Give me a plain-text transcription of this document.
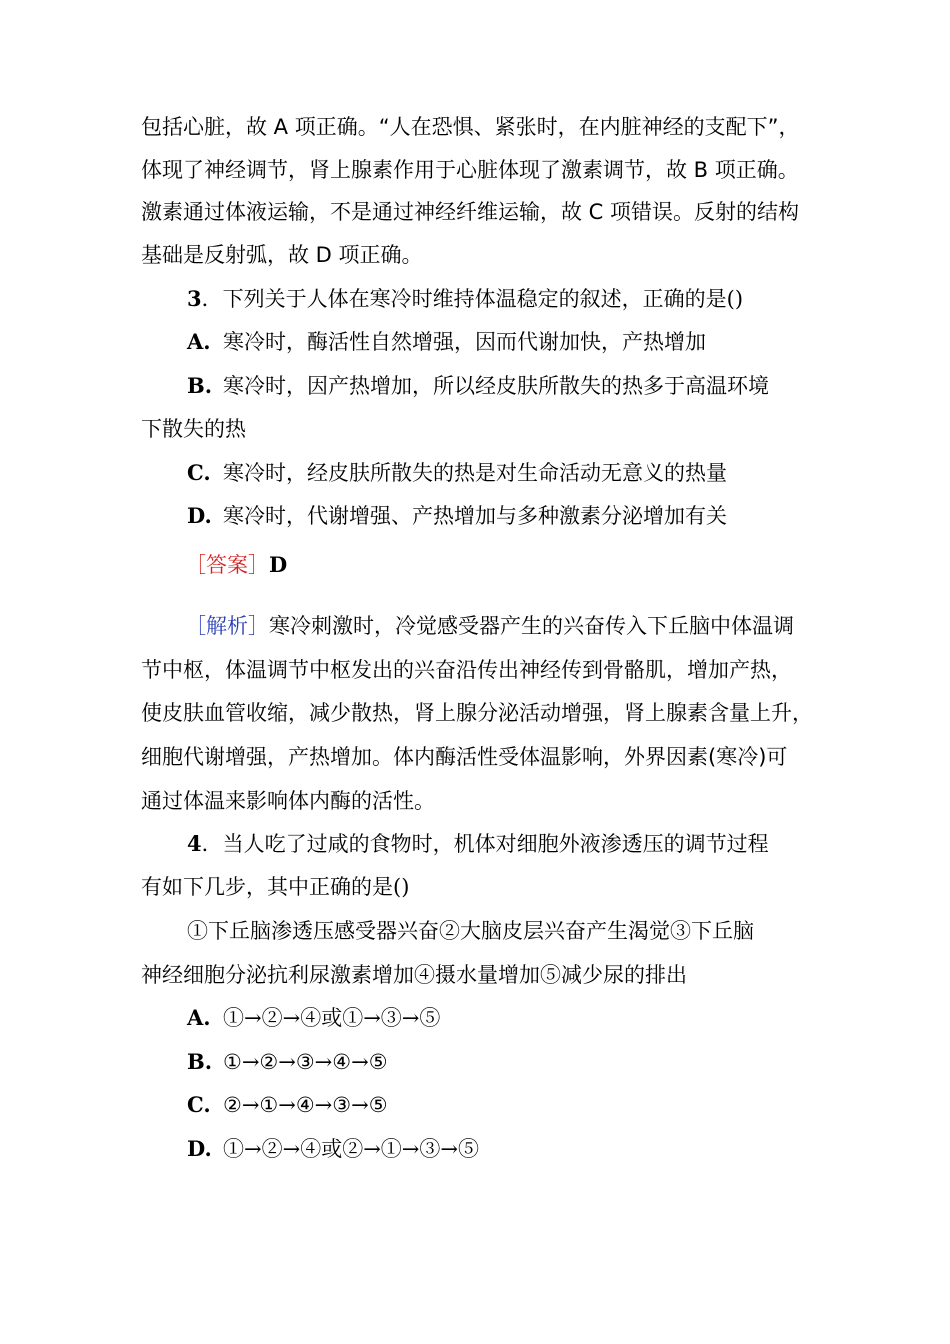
包括心脏，故 A 项正确。“人在恐惧、紧张时，在内脏神经的支配下”，
体现了神经调节，肾上腺素作用于心脏体现了激素调节，故 B 项正确。
激素通过体液运输，不是通过神经纤维运输，故 C 项错误。反射的结构
基础是反射弧，故 D 项正确。
3．下列关于人体在寒冷时维持体温稳定的叙述，正确的是()
A. 寒冷时，酶活性自然增强，因而代谢加快，产热增加
B. 寒冷时，因产热增加，所以经皮肤所散失的热多于高温环境
下散失的热
C. 寒冷时，经皮肤所散失的热是对生命活动无意义的热量
D. 寒冷时，代谢增强、产热增加与多种激素分泌增加有关
［答案］D
［解析］寒冷刺激时，冷觉感受器产生的兴奋传入下丘脑中体温调
节中枢，体温调节中枢发出的兴奋沿传出神经传到骨骼肌，增加产热，
使皮肤血管收缩，减少散热，肾上腺分泌活动增强，肾上腺素含量上升，
细胞代谢增强，产热增加。体内酶活性受体温影响，外界因素(寒冷)可
通过体温来影响体内酶的活性。
4．当人吃了过咸的食物时，机体对细胞外液渗透压的调节过程
有如下几步，其中正确的是()
①下丘脑渗透压感受器兴奋②大脑皮层兴奋产生渴觉③下丘脑
神经细胞分泌抗利尿激素增加④摄水量增加⑤减少尿的排出
A. ①→②→④或①→③→⑤
B. ①→②→③→④→⑤
C. ②→①→④→③→⑤
D. ①→②→④或②→①→③→⑤
